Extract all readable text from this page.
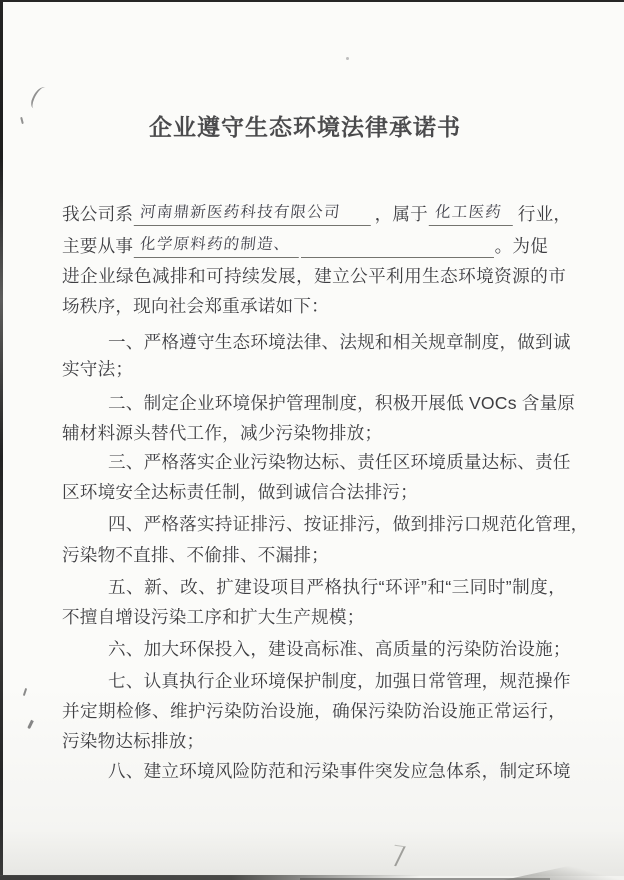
企业遵守生态环境法律承诺书
我公司系 河南鼎新医药科技有限公司	，属于 化工医药 行业，
主要从事 化学原料药的制造、	。为促
进企业绿色减排和可持续发展，建立公平利用生态环境资源的市
场秩序，现向社会郑重承诺如下：
一、严格遵守生态环境法律、法规和相关规章制度，做到诚
实守法；
二、制定企业环境保护管理制度，积极开展低 VOCs 含量原
辅材料源头替代工作，减少污染物排放；
三、严格落实企业污染物达标、责任区环境质量达标、责任
区环境安全达标责任制，做到诚信合法排污；
四、严格落实持证排污、按证排污，做到排污口规范化管理，
污染物不直排、不偷排、不漏排；
五、新、改、扩建设项目严格执行“环评”和“三同时”制度，
不擅自增设污染工序和扩大生产规模；
六、加大环保投入，建设高标准、高质量的污染防治设施；
七、认真执行企业环境保护制度，加强日常管理，规范操作
并定期检修、维护污染防治设施，确保污染防治设施正常运行，
污染物达标排放；
八、建立环境风险防范和污染事件突发应急体系，制定环境
